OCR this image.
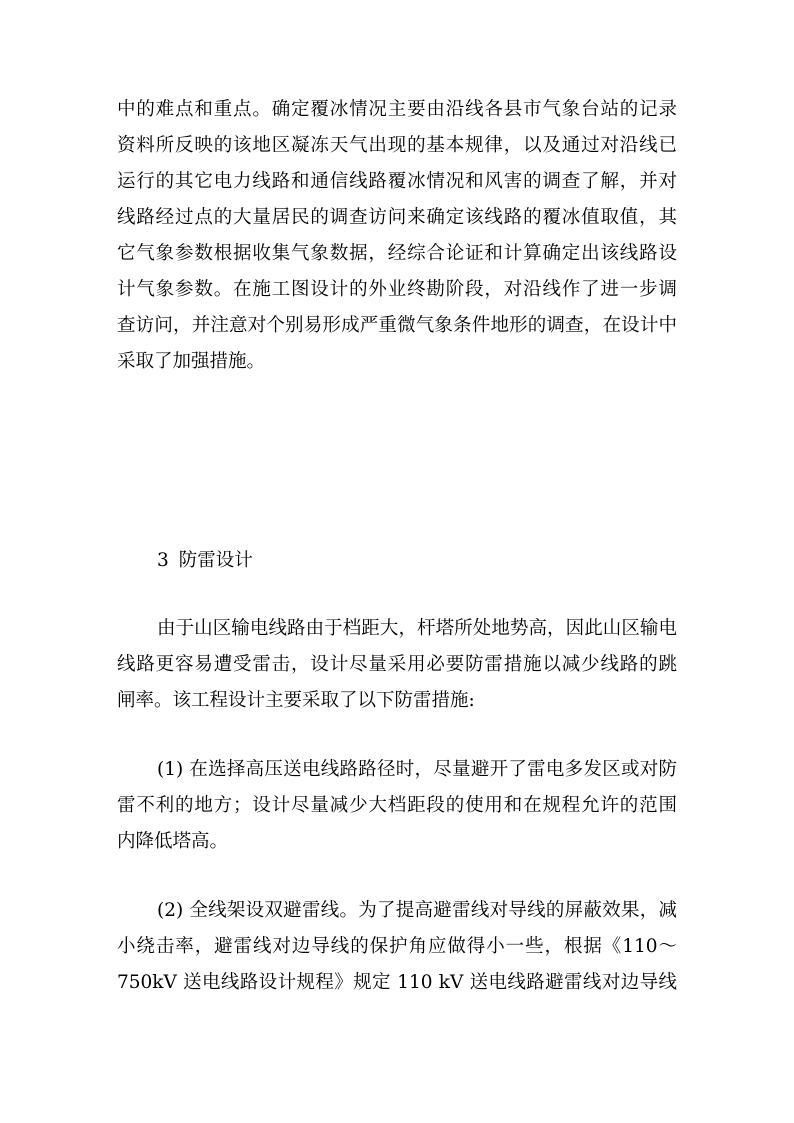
中的难点和重点。确定覆冰情况主要由沿线各县市气象台站的记录
资料所反映的该地区凝冻天气出现的基本规律，以及通过对沿线已
运行的其它电力线路和通信线路覆冰情况和风害的调查了解，并对
线路经过点的大量居民的调查访问来确定该线路的覆冰值取值，其
它气象参数根据收集气象数据，经综合论证和计算确定出该线路设
计气象参数。在施工图设计的外业终勘阶段，对沿线作了进一步调
查访问，并注意对个别易形成严重微气象条件地形的调查，在设计中
采取了加强措施。
3 防雷设计
由于山区输电线路由于档距大，杆塔所处地势高，因此山区输电
线路更容易遭受雷击，设计尽量采用必要防雷措施以减少线路的跳
闸率。该工程设计主要采取了以下防雷措施:
(1) 在选择高压送电线路路径时，尽量避开了雷电多发区或对防
雷不利的地方；设计尽量减少大档距段的使用和在规程允许的范围
内降低塔高。
(2) 全线架设双避雷线。为了提高避雷线对导线的屏蔽效果，减
小绕击率，避雷线对边导线的保护角应做得小一些，根据《110～
750kV 送电线路设计规程》规定 110 kV 送电线路避雷线对边导线
